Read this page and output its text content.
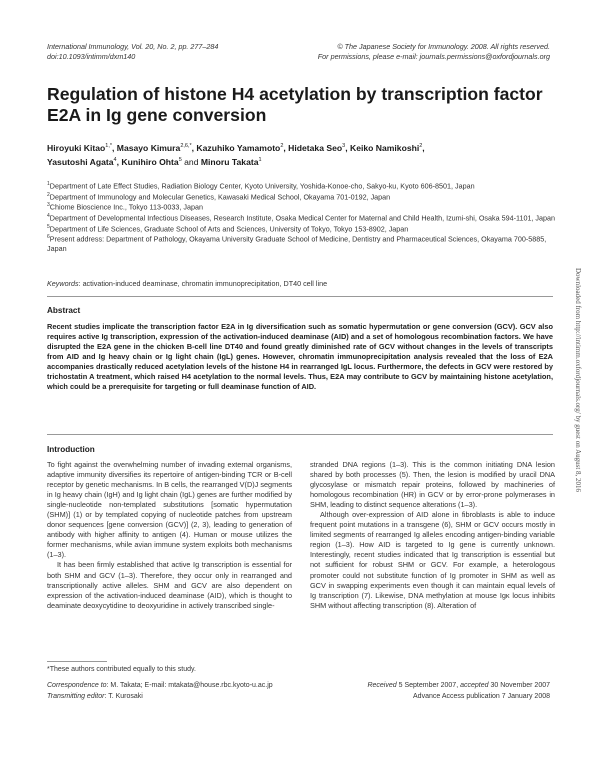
International Immunology, Vol. 20, No. 2, pp. 277–284
doi:10.1093/intimm/dxm140
© The Japanese Society for Immunology. 2008. All rights reserved.
For permissions, please e-mail: journals.permissions@oxfordjournals.org
Regulation of histone H4 acetylation by transcription factor E2A in Ig gene conversion
Hiroyuki Kitao$^{1,*}$, Masayo Kimura$^{2,6,*}$, Kazuhiko Yamamoto$^2$, Hidetaka Seo$^3$, Keiko Namikoshi$^2$,
Yasutoshi Agata$^4$, Kunihiro Ohta$^5$ and Minoru Takata$^1$
$^1$Department of Late Effect Studies, Radiation Biology Center, Kyoto University, Yoshida-Konoe-cho, Sakyo-ku, Kyoto 606-8501, Japan
$^2$Department of Immunology and Molecular Genetics, Kawasaki Medical School, Okayama 701-0192, Japan
$^3$Chiome Bioscience Inc., Tokyo 113-0033, Japan
$^4$Department of Developmental Infectious Diseases, Research Institute, Osaka Medical Center for Maternal and Child Health, Izumi-shi, Osaka 594-1101, Japan
$^5$Department of Life Sciences, Graduate School of Arts and Sciences, University of Tokyo, Tokyo 153-8902, Japan
$^6$Present address: Department of Pathology, Okayama University Graduate School of Medicine, Dentistry and Pharmaceutical Sciences, Okayama 700-5885, Japan
Keywords: activation-induced deaminase, chromatin immunoprecipitation, DT40 cell line
Abstract
Recent studies implicate the transcription factor E2A in Ig diversification such as somatic hypermutation or gene conversion (GCV). GCV also requires active Ig transcription, expression of the activation-induced deaminase (AID) and a set of homologous recombination factors. We have disrupted the E2A gene in the chicken B-cell line DT40 and found greatly diminished rate of GCV without changes in the levels of transcripts from AID and Ig heavy chain or Ig light chain (IgL) genes. However, chromatin immunoprecipitation analysis revealed that the loss of E2A accompanies drastically reduced acetylation levels of the histone H4 in rearranged IgL locus. Furthermore, the defects in GCV were restored by trichostatin A treatment, which raised H4 acetylation to the normal levels. Thus, E2A may contribute to GCV by maintaining histone acetylation, which could be a prerequisite for targeting or full deaminase function of AID.
Introduction

To fight against the overwhelming number of invading external organisms, adaptive immunity diversifies its repertoire of antigen-binding TCR or B-cell receptor by genetic mechanisms. In B cells, the rearranged V(D)J segments in Ig heavy chain (IgH) and Ig light chain (IgL) genes are further modified by single-nucleotide non-templated substitutions [somatic hypermutation (SHM)] (1) or by templated copying of nucleotide patches from upstream donor sequences [gene conversion (GCV)] (2, 3), leading to generation of antibody with higher affinity to antigen (4). Human or mouse utilizes the former mechanisms, while avian immune system exploits both mechanisms (1–3).

It has been firmly established that active Ig transcription is essential for both SHM and GCV (1–3). Therefore, they occur only in rearranged and transcriptionally active alleles. SHM and GCV are also dependent on expression of the activation-induced deaminase (AID), which is thought to deaminate deoxycytidine to deoxyuridine in actively transcribed single-

stranded DNA regions (1–3). This is the common initiating DNA lesion shared by both processes (5). Then, the lesion is modified by uracil DNA glycosylase or mismatch repair proteins, followed by machineries of homologous recombination (HR) in GCV or by error-prone polymerases in SHM, leading to distinct sequence alterations (1–3).

Although over-expression of AID alone in fibroblasts is able to induce frequent point mutations in a transgene (6), SHM or GCV occurs mostly in limited segments of rearranged Ig alleles encoding antigen-binding variable region (1–3). How AID is targeted to Ig gene is currently unknown. Interestingly, recent studies indicated that Ig transcription is essential but not sufficient for robust SHM or GCV. For example, a heterologous promoter could not substitute function of Ig promoter in SHM as well as GCV in swapping experiments even though it can maintain equal levels of Ig transcription (7). Likewise, DNA methylation at mouse Igκ locus inhibits SHM without affecting transcription (8). Alteration of

*These authors contributed equally to this study.
Correspondence to: M. Takata; E-mail: mtakata@house.rbc.kyoto-u.ac.jp
Transmitting editor: T. Kurosaki
Received 5 September 2007, accepted 30 November 2007
Advance Access publication 7 January 2008
Downloaded from http://intimm.oxfordjournals.org/ by guest on August 8, 2016
